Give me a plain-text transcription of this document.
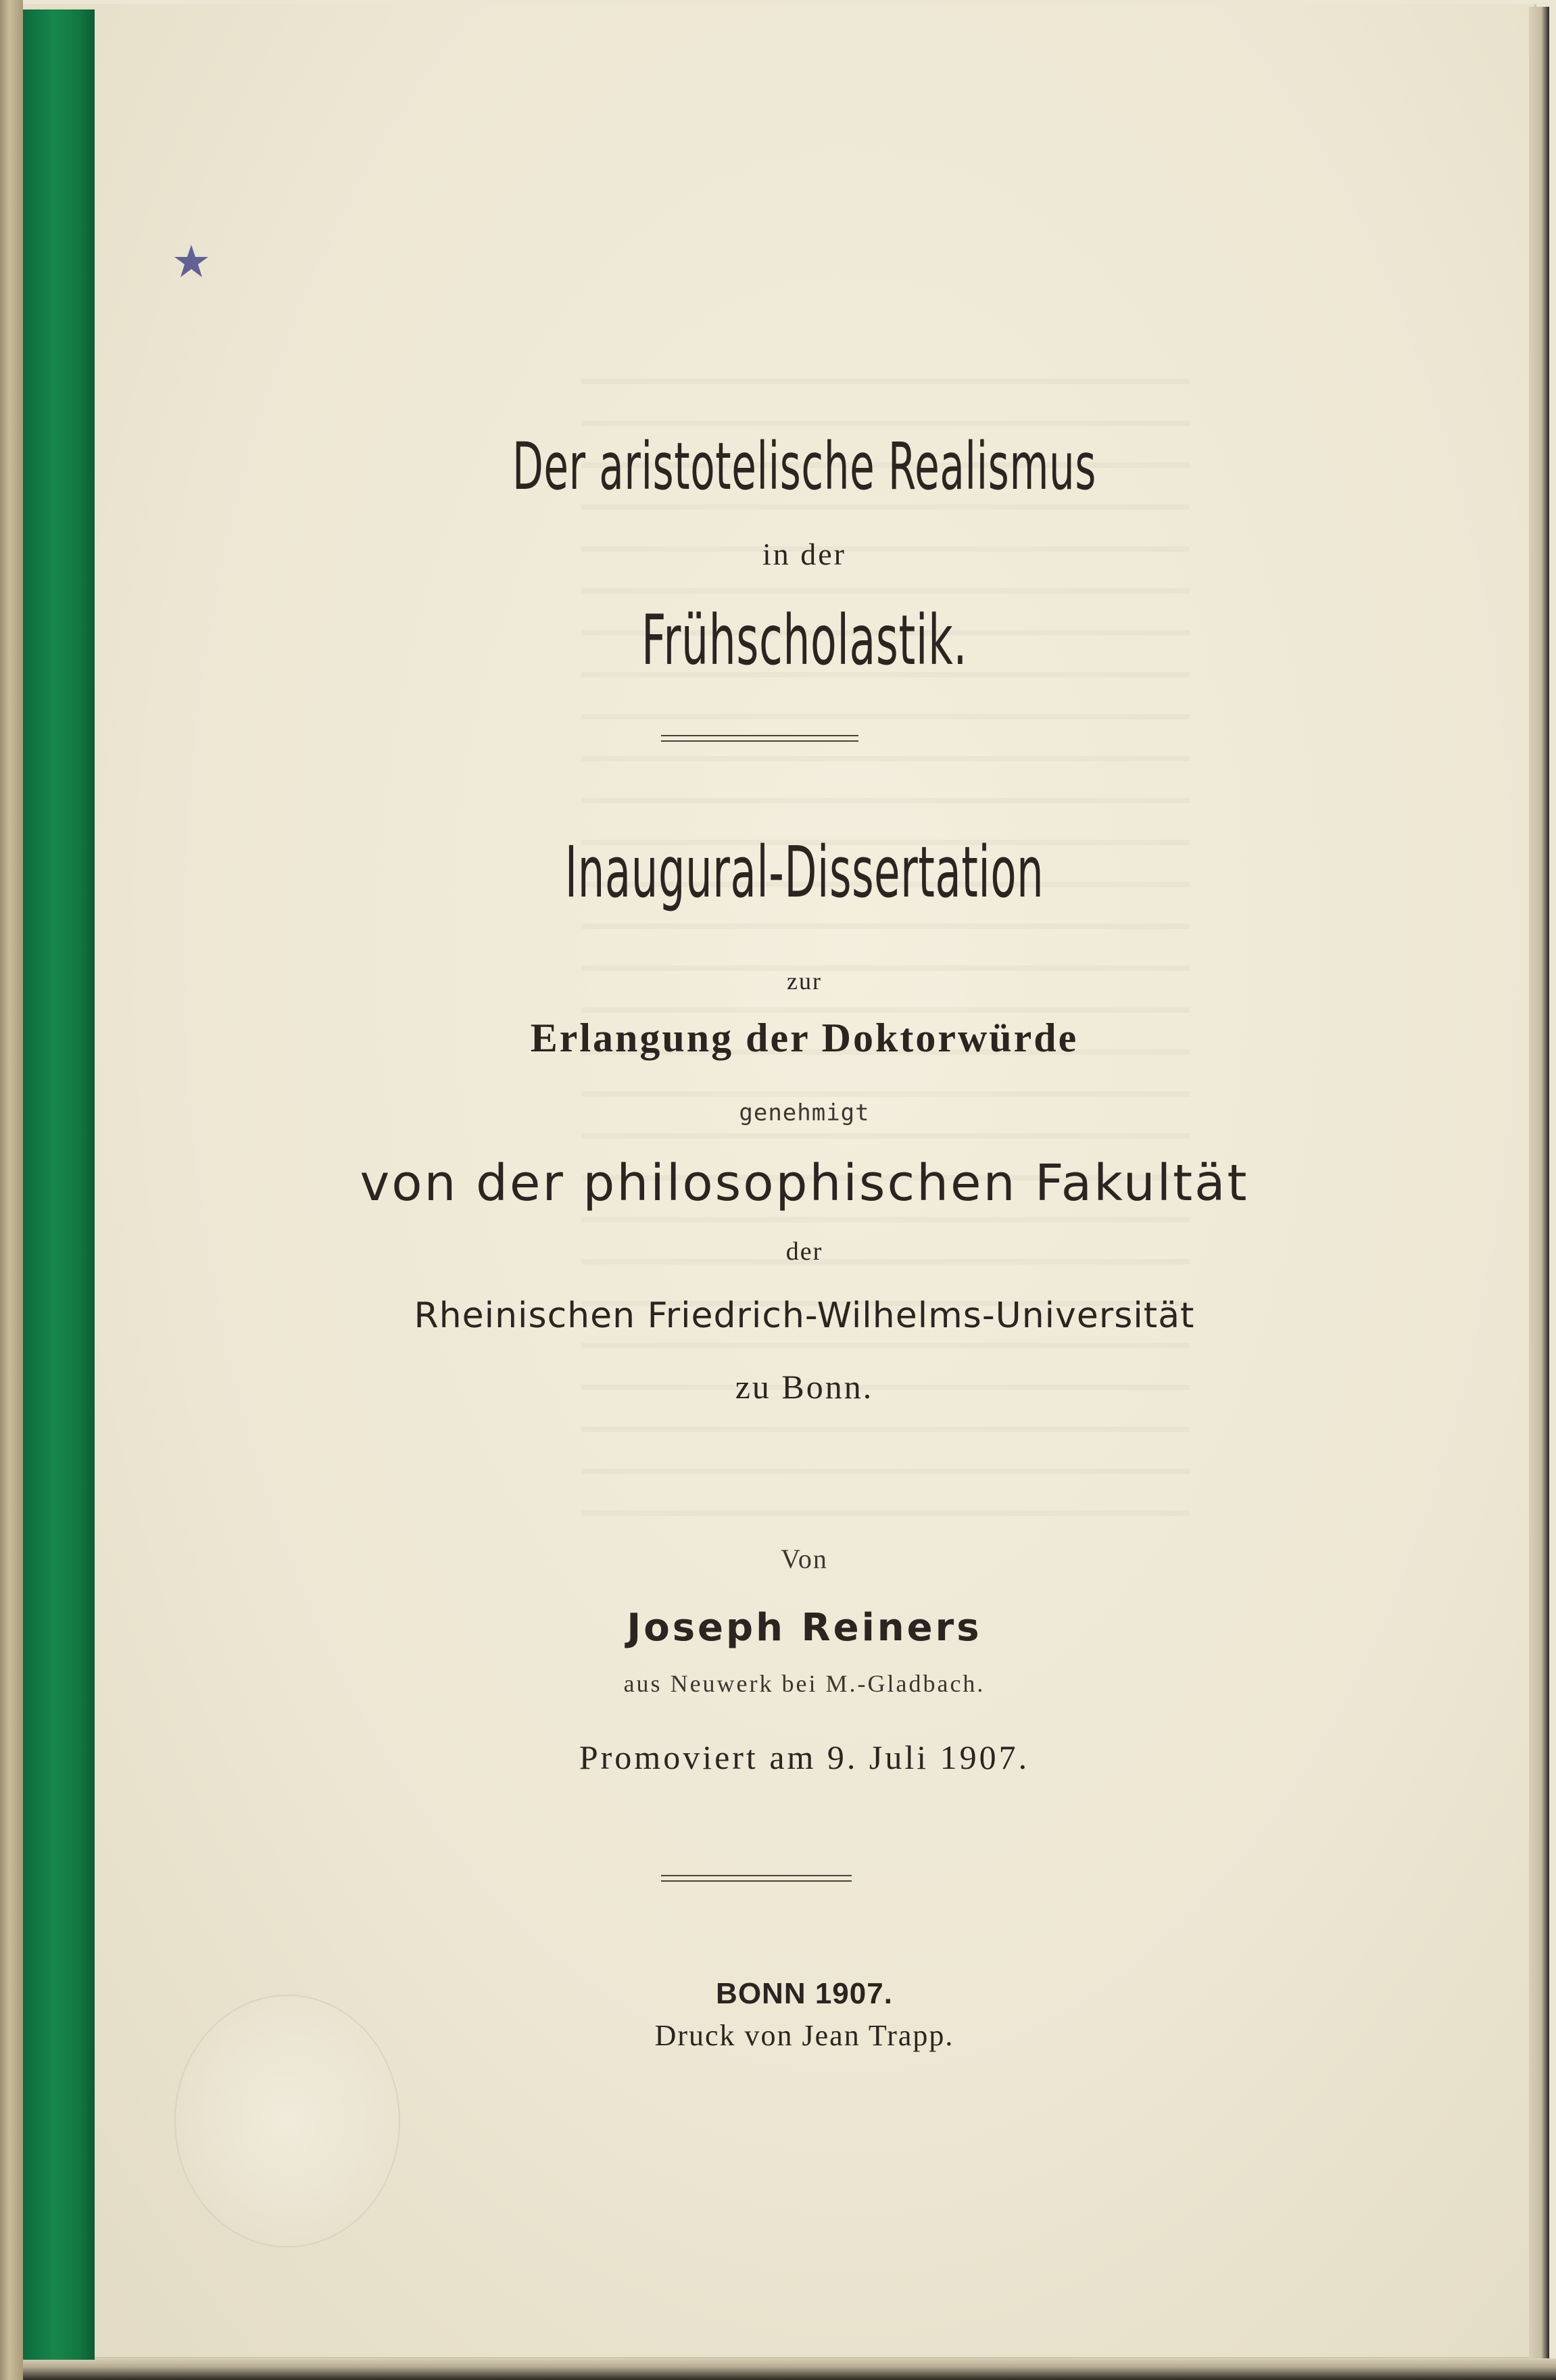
Der aristotelische Realismus
in der
Frühscholastik.
Inaugural-Dissertation
zur
Erlangung der Doktorwürde
genehmigt
von der philosophischen Fakultät
der
Rheinischen Friedrich-Wilhelms-Universität
zu Bonn.
Von
Joseph Reiners
aus Neuwerk bei M.-Gladbach.
Promoviert am 9. Juli 1907.
BONN 1907.
Druck von Jean Trapp.
